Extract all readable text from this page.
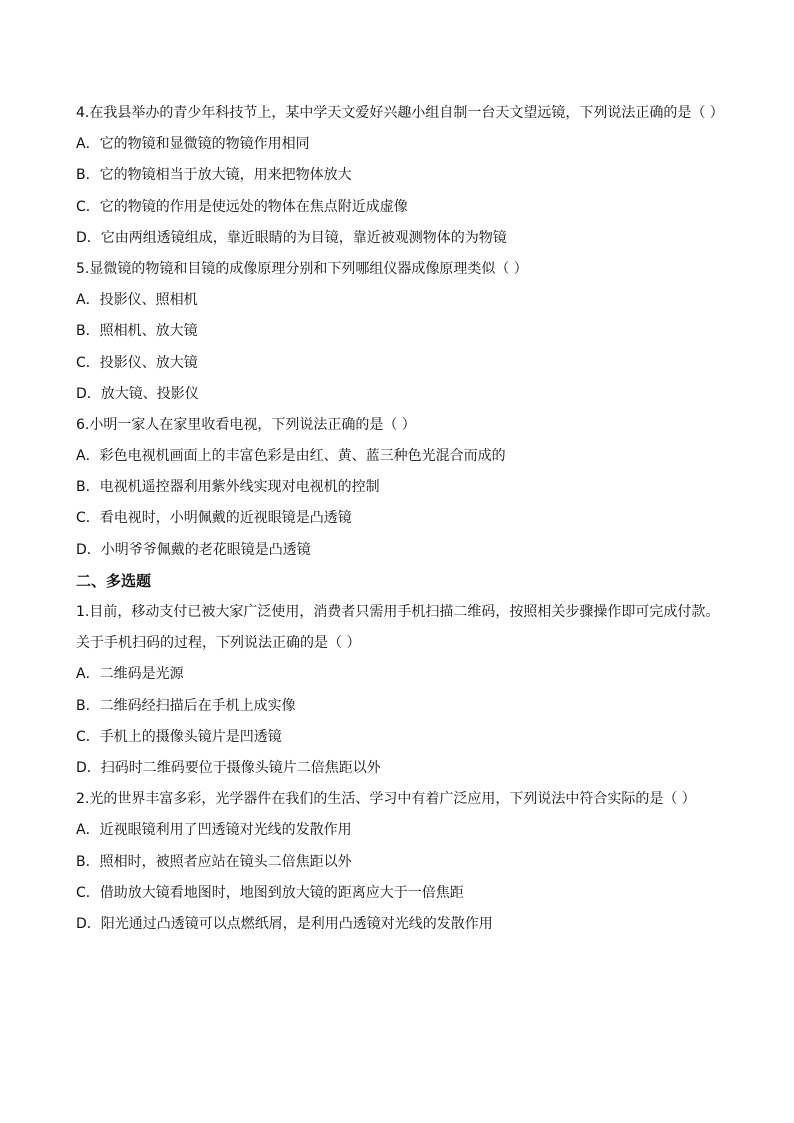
4.在我县举办的青少年科技节上，某中学天文爱好兴趣小组自制一台天文望远镜，下列说法正确的是（ ）
A．它的物镜和显微镜的物镜作用相同
B．它的物镜相当于放大镜，用来把物体放大
C．它的物镜的作用是使远处的物体在焦点附近成虚像
D．它由两组透镜组成，靠近眼睛的为目镜，靠近被观测物体的为物镜
5.显微镜的物镜和目镜的成像原理分别和下列哪组仪器成像原理类似（ ）
A．投影仪、照相机
B．照相机、放大镜
C．投影仪、放大镜
D．放大镜、投影仪
6.小明一家人在家里收看电视，下列说法正确的是（ ）
A．彩色电视机画面上的丰富色彩是由红、黄、蓝三种色光混合而成的
B．电视机遥控器利用紫外线实现对电视机的控制
C．看电视时，小明佩戴的近视眼镜是凸透镜
D．小明爷爷佩戴的老花眼镜是凸透镜
二、多选题
1.目前，移动支付已被大家广泛使用，消费者只需用手机扫描二维码，按照相关步骤操作即可完成付款。关于手机扫码的过程，下列说法正确的是（ ）
A．二维码是光源
B．二维码经扫描后在手机上成实像
C．手机上的摄像头镜片是凹透镜
D．扫码时二维码要位于摄像头镜片二倍焦距以外
2.光的世界丰富多彩，光学器件在我们的生活、学习中有着广泛应用，下列说法中符合实际的是（ ）
A．近视眼镜利用了凹透镜对光线的发散作用
B．照相时，被照者应站在镜头二倍焦距以外
C．借助放大镜看地图时，地图到放大镜的距离应大于一倍焦距
D．阳光通过凸透镜可以点燃纸屑，是利用凸透镜对光线的发散作用
